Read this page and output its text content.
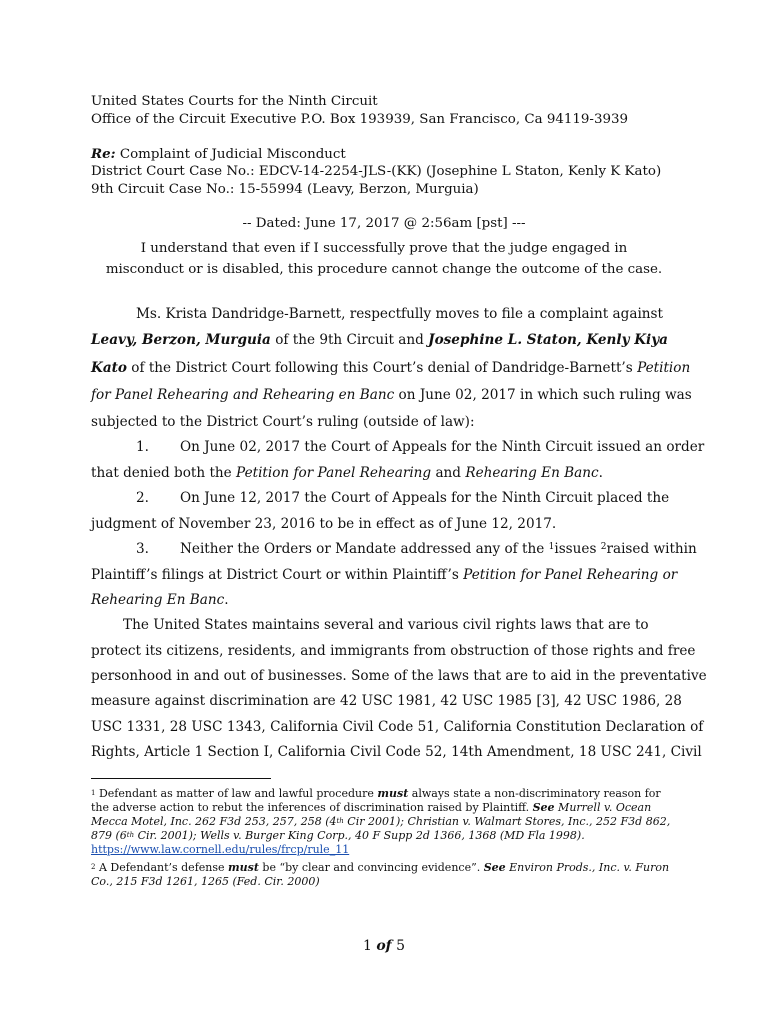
United States Courts for the Ninth Circuit
Office of the Circuit Executive P.O. Box 193939, San Francisco, Ca 94119-3939
Re: Complaint of Judicial Misconduct
District Court Case No.: EDCV-14-2254-JLS-(KK) (Josephine L Staton, Kenly K Kato)
9th Circuit Case No.: 15-55994 (Leavy, Berzon, Murguia)
-- Dated: June 17, 2017 @ 2:56am [pst] ---
I understand that even if I successfully prove that the judge engaged in
misconduct or is disabled, this procedure cannot change the outcome of the case.
Ms. Krista Dandridge-Barnett, respectfully moves to file a complaint against
Leavy, Berzon, Murguia of the 9th Circuit and Josephine L. Staton, Kenly Kiya
Kato of the District Court following this Court’s denial of Dandridge-Barnett’s Petition
for Panel Rehearing and Rehearing en Banc on June 02, 2017 in which such ruling was
subjected to the District Court’s ruling (outside of law):
1. On June 02, 2017 the Court of Appeals for the Ninth Circuit issued an order
that denied both the Petition for Panel Rehearing and Rehearing En Banc.
2. On June 12, 2017 the Court of Appeals for the Ninth Circuit placed the
judgment of November 23, 2016 to be in effect as of June 12, 2017.
3. Neither the Orders or Mandate addressed any of the $^1$issues $^2$raised within
Plaintiff’s filings at District Court or within Plaintiff’s Petition for Panel Rehearing or
Rehearing En Banc.
The United States maintains several and various civil rights laws that are to
protect its citizens, residents, and immigrants from obstruction of those rights and free
personhood in and out of businesses. Some of the laws that are to aid in the preventative
measure against discrimination are 42 USC 1981, 42 USC 1985 [3], 42 USC 1986, 28
USC 1331, 28 USC 1343, California Civil Code 51, California Constitution Declaration of
Rights, Article 1 Section I, California Civil Code 52, 14th Amendment, 18 USC 241, Civil
$^1$ Defendant as matter of law and lawful procedure must always state a non-discriminatory reason for
the adverse action to rebut the inferences of discrimination raised by Plaintiff. See Murrell v. Ocean
Mecca Motel, Inc. 262 F3d 253, 257, 258 (4th Cir 2001); Christian v. Walmart Stores, Inc., 252 F3d 862,
879 (6th Cir. 2001); Wells v. Burger King Corp., 40 F Supp 2d 1366, 1368 (MD Fla 1998).
https://www.law.cornell.edu/rules/frcp/rule_11
$^2$ A Defendant’s defense must be “by clear and convincing evidence”. See Environ Prods., Inc. v. Furon
Co., 215 F3d 1261, 1265 (Fed. Cir. 2000)
1 of 5
